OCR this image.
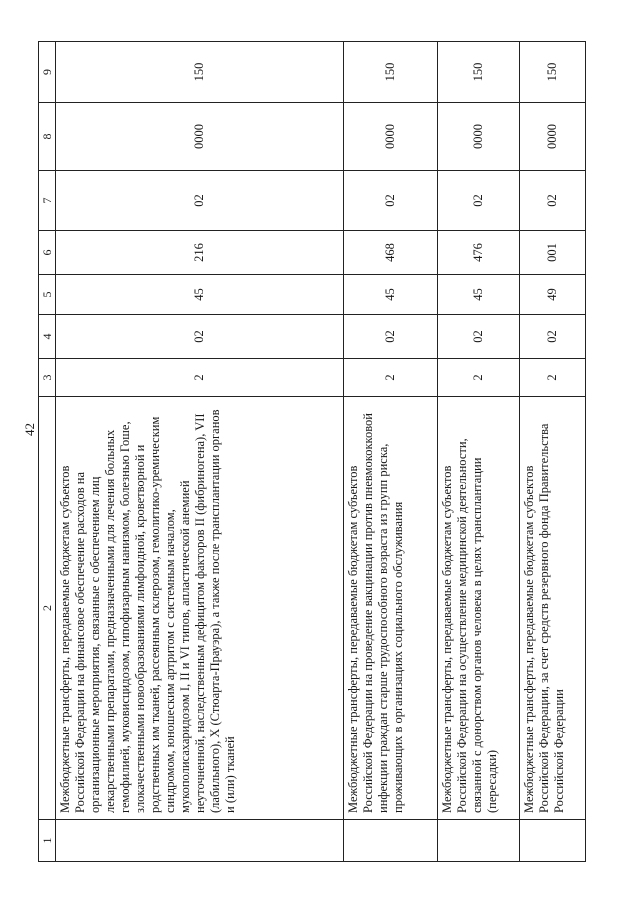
42
1	2	3	4	5	6	7	8	9
	Межбюджетные трансферты, передаваемые бюджетам субъектов Российской Федерации на финансовое обеспечение расходов на организационные мероприятия, связанные с обеспечением лиц лекарственными препаратами, предназначенными для лечения больных гемофилией, муковисцидозом, гипофизарным нанизмом, болезнью Гоше, злокачественными новообразованиями лимфоидной, кроветворной и родственных им тканей, рассеянным склерозом, гемолитико-уремическим синдромом, юношеским артритом с системным началом, мукополисахаридозом I, II и VI типов, апластической анемией неуточненной, наследственным дефицитом факторов II (фибриногена), VII (лабильного), X (Стюарта-Прауэра), а также после трансплантации органов и (или) тканей	2	02	45	216	02	0000	150
	Межбюджетные трансферты, передаваемые бюджетам субъектов Российской Федерации на проведение вакцинации против пневмококковой инфекции граждан старше трудоспособного возраста из групп риска, проживающих в организациях социального обслуживания	2	02	45	468	02	0000	150
	Межбюджетные трансферты, передаваемые бюджетам субъектов Российской Федерации на осуществление медицинской деятельности, связанной с донорством органов человека в целях трансплантации (пересадки)	2	02	45	476	02	0000	150
	Межбюджетные трансферты, передаваемые бюджетам субъектов Российской Федерации, за счет средств резервного фонда Правительства Российской Федерации	2	02	49	001	02	0000	150
